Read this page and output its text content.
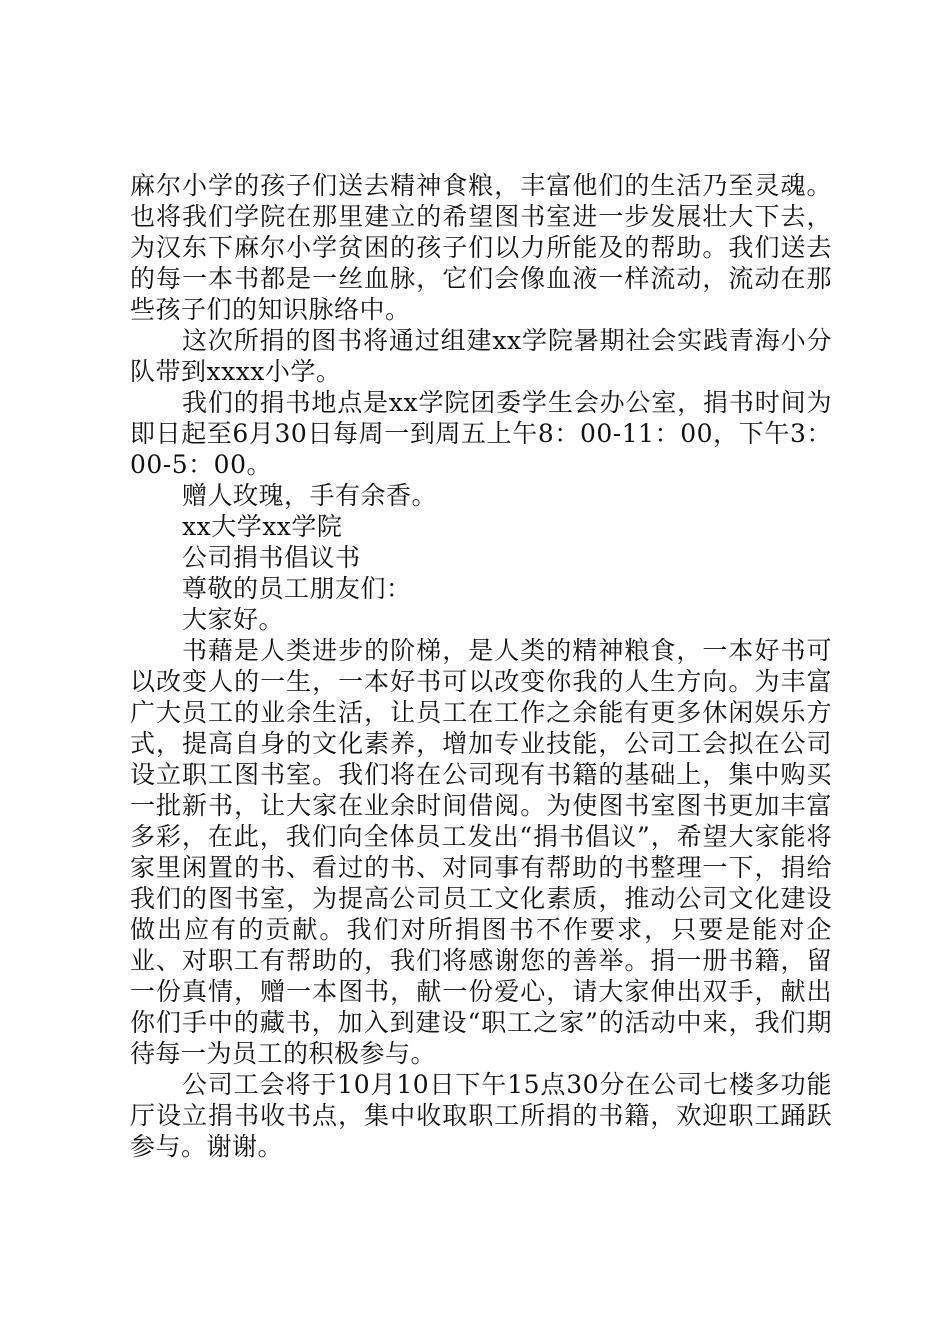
麻尔小学的孩子们送去精神食粮，丰富他们的生活乃至灵魂。也将我们学院在那里建立的希望图书室进一步发展壮大下去，为汉东下麻尔小学贫困的孩子们以力所能及的帮助。我们送去的每一本书都是一丝血脉，它们会像血液一样流动，流动在那些孩子们的知识脉络中。

这次所捐的图书将通过组建xx学院暑期社会实践青海小分队带到xxxx小学。

我们的捐书地点是xx学院团委学生会办公室，捐书时间为即日起至6月30日每周一到周五上午8：00-11：00，下午3：00-5：00。

赠人玫瑰，手有余香。

xx大学xx学院

公司捐书倡议书

尊敬的员工朋友们：

大家好。

书藉是人类进步的阶梯，是人类的精神粮食，一本好书可以改变人的一生，一本好书可以改变你我的人生方向。为丰富广大员工的业余生活，让员工在工作之余能有更多休闲娱乐方式，提高自身的文化素养，增加专业技能，公司工会拟在公司设立职工图书室。我们将在公司现有书籍的基础上，集中购买一批新书，让大家在业余时间借阅。为使图书室图书更加丰富多彩，在此，我们向全体员工发出“捐书倡议”，希望大家能将家里闲置的书、看过的书、对同事有帮助的书整理一下，捐给我们的图书室，为提高公司员工文化素质，推动公司文化建设做出应有的贡献。我们对所捐图书不作要求，只要是能对企业、对职工有帮助的，我们将感谢您的善举。捐一册书籍，留一份真情，赠一本图书，献一份爱心，请大家伸出双手，献出你们手中的藏书，加入到建设“职工之家”的活动中来，我们期待每一为员工的积极参与。

公司工会将于10月10日下午15点30分在公司七楼多功能厅设立捐书收书点，集中收取职工所捐的书籍，欢迎职工踊跃参与。谢谢。
